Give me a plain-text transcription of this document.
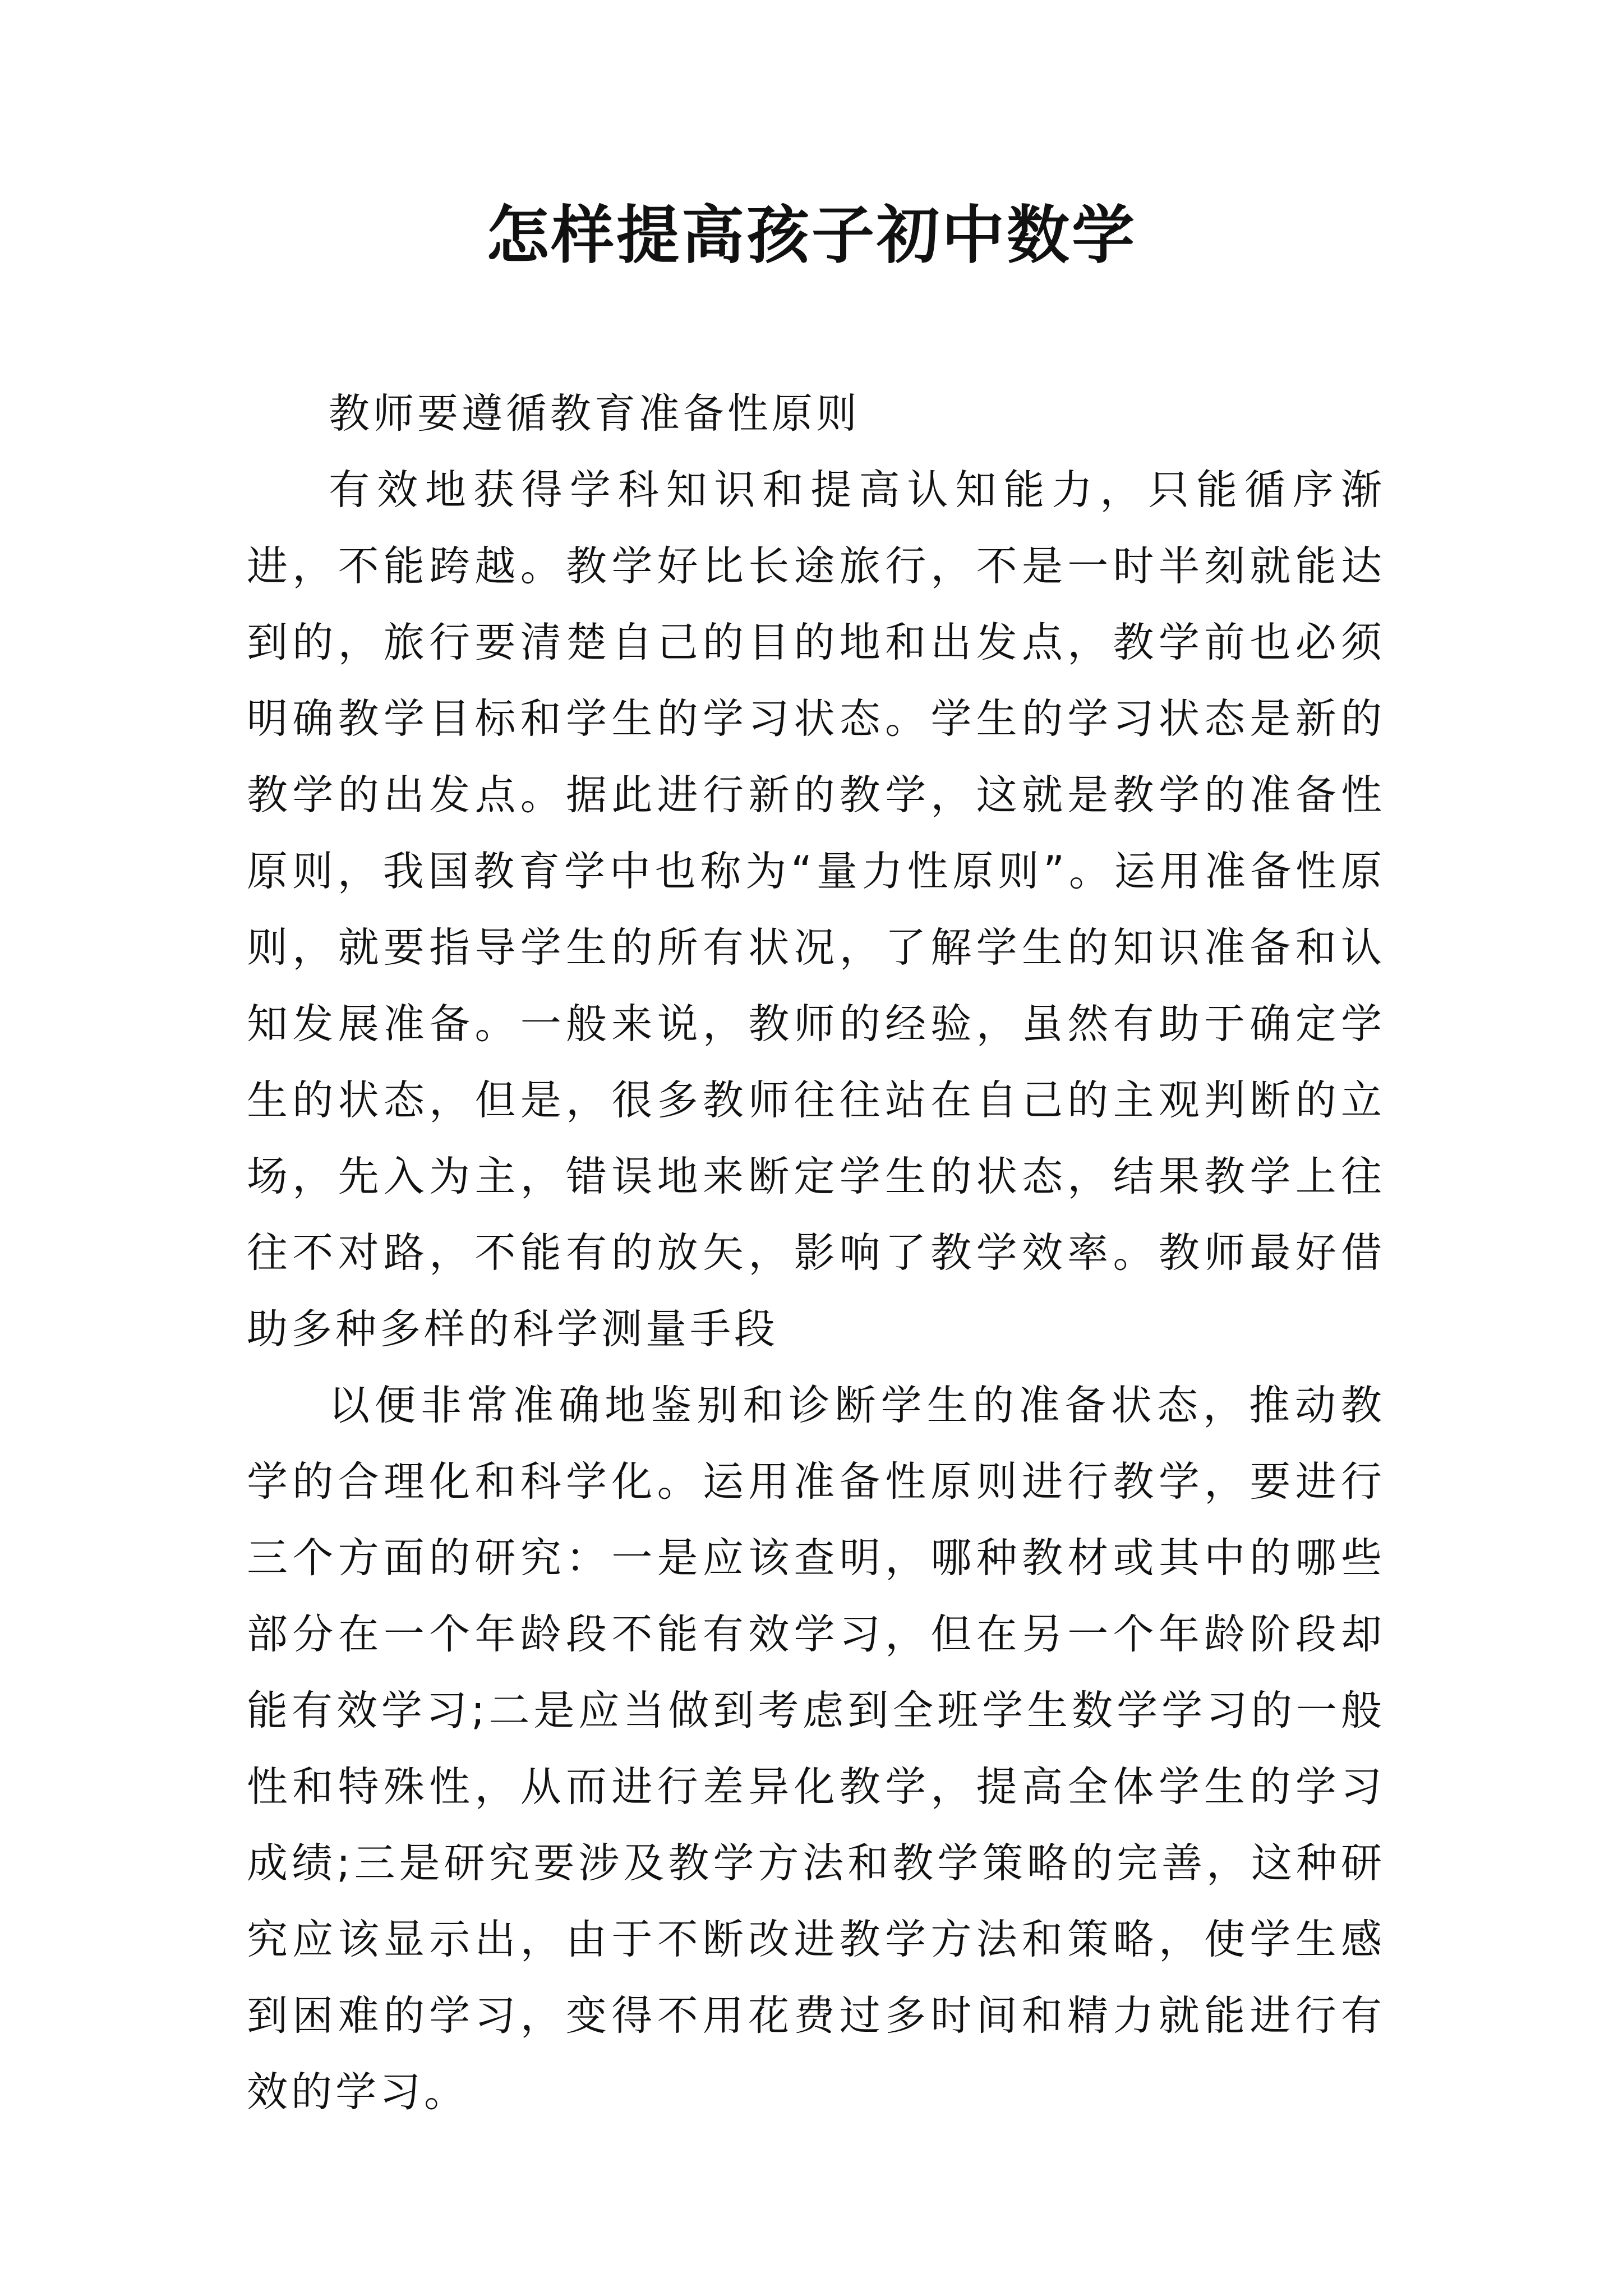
怎样提高孩子初中数学

教师要遵循教育准备性原则

有效地获得学科知识和提高认知能力，只能循序渐进，不能跨越。教学好比长途旅行，不是一时半刻就能达到的，旅行要清楚自己的目的地和出发点，教学前也必须明确教学目标和学生的学习状态。学生的学习状态是新的教学的出发点。据此进行新的教学，这就是教学的准备性原则，我国教育学中也称为“量力性原则”。运用准备性原则，就要指导学生的所有状况，了解学生的知识准备和认知发展准备。一般来说，教师的经验，虽然有助于确定学生的状态，但是，很多教师往往站在自己的主观判断的立场，先入为主，错误地来断定学生的状态，结果教学上往往不对路，不能有的放矢，影响了教学效率。教师最好借助多种多样的科学测量手段

以便非常准确地鉴别和诊断学生的准备状态，推动教学的合理化和科学化。运用准备性原则进行教学，要进行三个方面的研究：一是应该查明，哪种教材或其中的哪些部分在一个年龄段不能有效学习，但在另一个年龄阶段却能有效学习;二是应当做到考虑到全班学生数学学习的一般性和特殊性，从而进行差异化教学，提高全体学生的学习成绩;三是研究要涉及教学方法和教学策略的完善，这种研究应该显示出，由于不断改进教学方法和策略，使学生感到困难的学习，变得不用花费过多时间和精力就能进行有效的学习。
